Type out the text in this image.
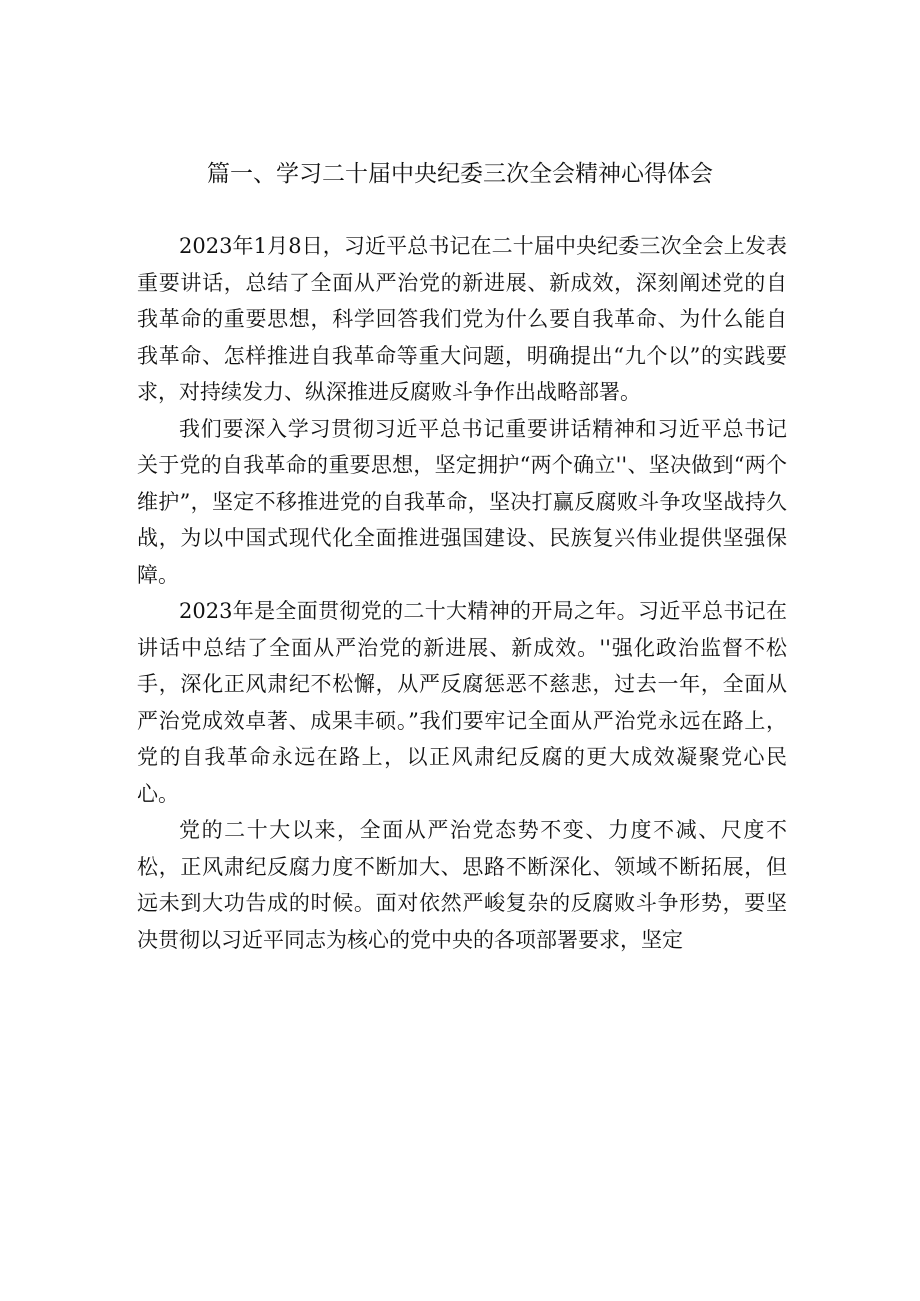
篇一、学习二十届中央纪委三次全会精神心得体会

2023年1月8日，习近平总书记在二十届中央纪委三次全会上发表重要讲话，总结了全面从严治党的新进展、新成效，深刻阐述党的自我革命的重要思想，科学回答我们党为什么要自我革命、为什么能自我革命、怎样推进自我革命等重大问题，明确提出“九个以”的实践要求，对持续发力、纵深推进反腐败斗争作出战略部署。

我们要深入学习贯彻习近平总书记重要讲话精神和习近平总书记关于党的自我革命的重要思想，坚定拥护“两个确立''、坚决做到“两个维护”，坚定不移推进党的自我革命，坚决打赢反腐败斗争攻坚战持久战，为以中国式现代化全面推进强国建设、民族复兴伟业提供坚强保障。

2023年是全面贯彻党的二十大精神的开局之年。习近平总书记在讲话中总结了全面从严治党的新进展、新成效。''强化政治监督不松手，深化正风肃纪不松懈，从严反腐惩恶不慈悲，过去一年，全面从严治党成效卓著、成果丰硕。”我们要牢记全面从严治党永远在路上，党的自我革命永远在路上，以正风肃纪反腐的更大成效凝聚党心民心。

党的二十大以来，全面从严治党态势不变、力度不减、尺度不松，正风肃纪反腐力度不断加大、思路不断深化、领域不断拓展，但远未到大功告成的时候。面对依然严峻复杂的反腐败斗争形势，要坚决贯彻以习近平同志为核心的党中央的各项部署要求，坚定
